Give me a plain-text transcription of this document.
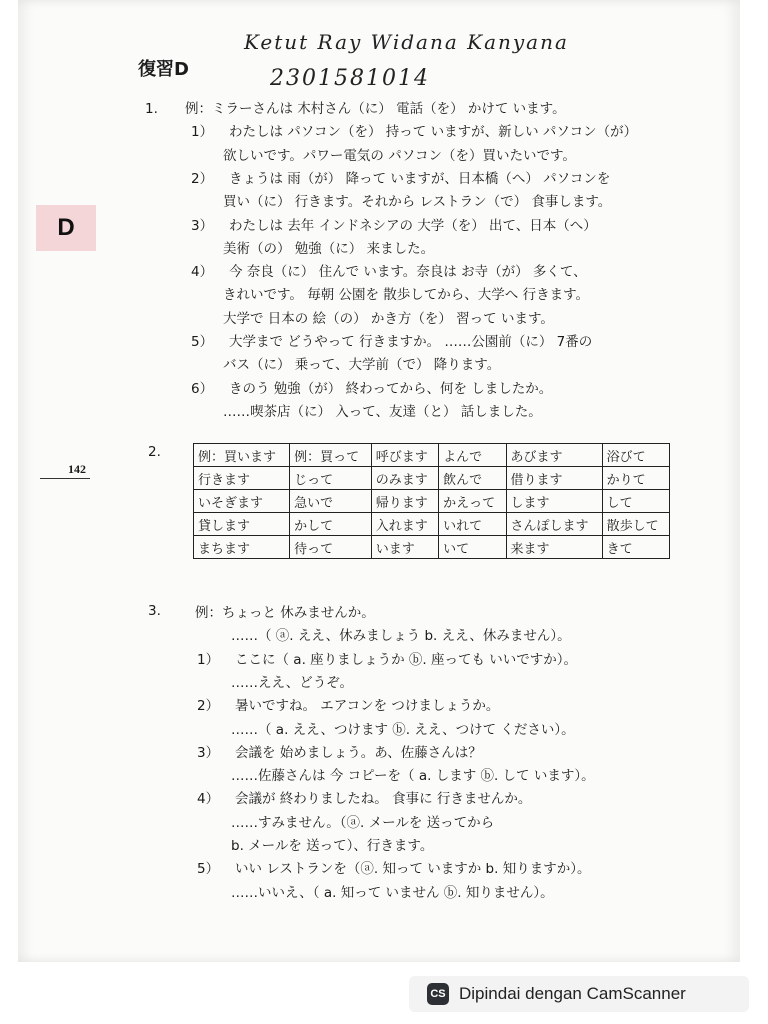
D
142
復習D
Ketut Ray Widana Kanyana
2301581014
1. 例：ミラーさんは 木村さん（に） 電話（を） かけて います。
1） わたしは パソコン（を） 持って いますが、新しい パソコン（が）
欲しいです。パワー電気の パソコン（を）買いたいです。
2） きょうは 雨（が） 降って いますが、日本橋（へ） パソコンを
買い（に） 行きます。それから レストラン（で） 食事します。
3） わたしは 去年 インドネシアの 大学（を） 出て、日本（へ）
美術（の） 勉強（に） 来ました。
4） 今 奈良（に） 住んで います。奈良は お寺（が） 多くて、
きれいです。 毎朝 公園を 散歩してから、大学へ 行きます。
大学で 日本の 絵（の） かき方（を） 習って います。
5） 大学まで どうやって 行きますか。 ……公園前（に） 7番の
バス（に） 乗って、大学前（で） 降ります。
6） きのう 勉強（が） 終わってから、何を しましたか。
……喫茶店（に） 入って、友達（と） 話しました。
2.	例：買います	例：買って	呼びます	よんで	あびます	浴びて
行きます	じって	のみます	飲んで	借ります	かりて
いそぎます	急いで	帰ります	かえって	します	して
貸します	かして	入れます	いれて	さんぽします	散歩して
まちます	待って	います	いて	来ます	きて
3.	例：ちょっと 休みませんか。
……（ ⓐ. ええ、休みましょう b. ええ、休みません）。
1） ここに（ a. 座りましょうか ⓑ. 座っても いいですか）。
……ええ、どうぞ。
2） 暑いですね。 エアコンを つけましょうか。
……（ a. ええ、つけます ⓑ. ええ、つけて ください）。
3） 会議を 始めましょう。あ、佐藤さんは？
……佐藤さんは 今 コピーを（ a. します ⓑ. して います）。
4） 会議が 終わりましたね。 食事に 行きませんか。
……すみません。（ⓐ. メールを 送ってから
b. メールを 送って）、行きます。
5） いい レストランを（ⓐ. 知って いますか b. 知りますか）。
……いいえ、（ a. 知って いません ⓑ. 知りません）。
CS Dipindai dengan CamScanner
